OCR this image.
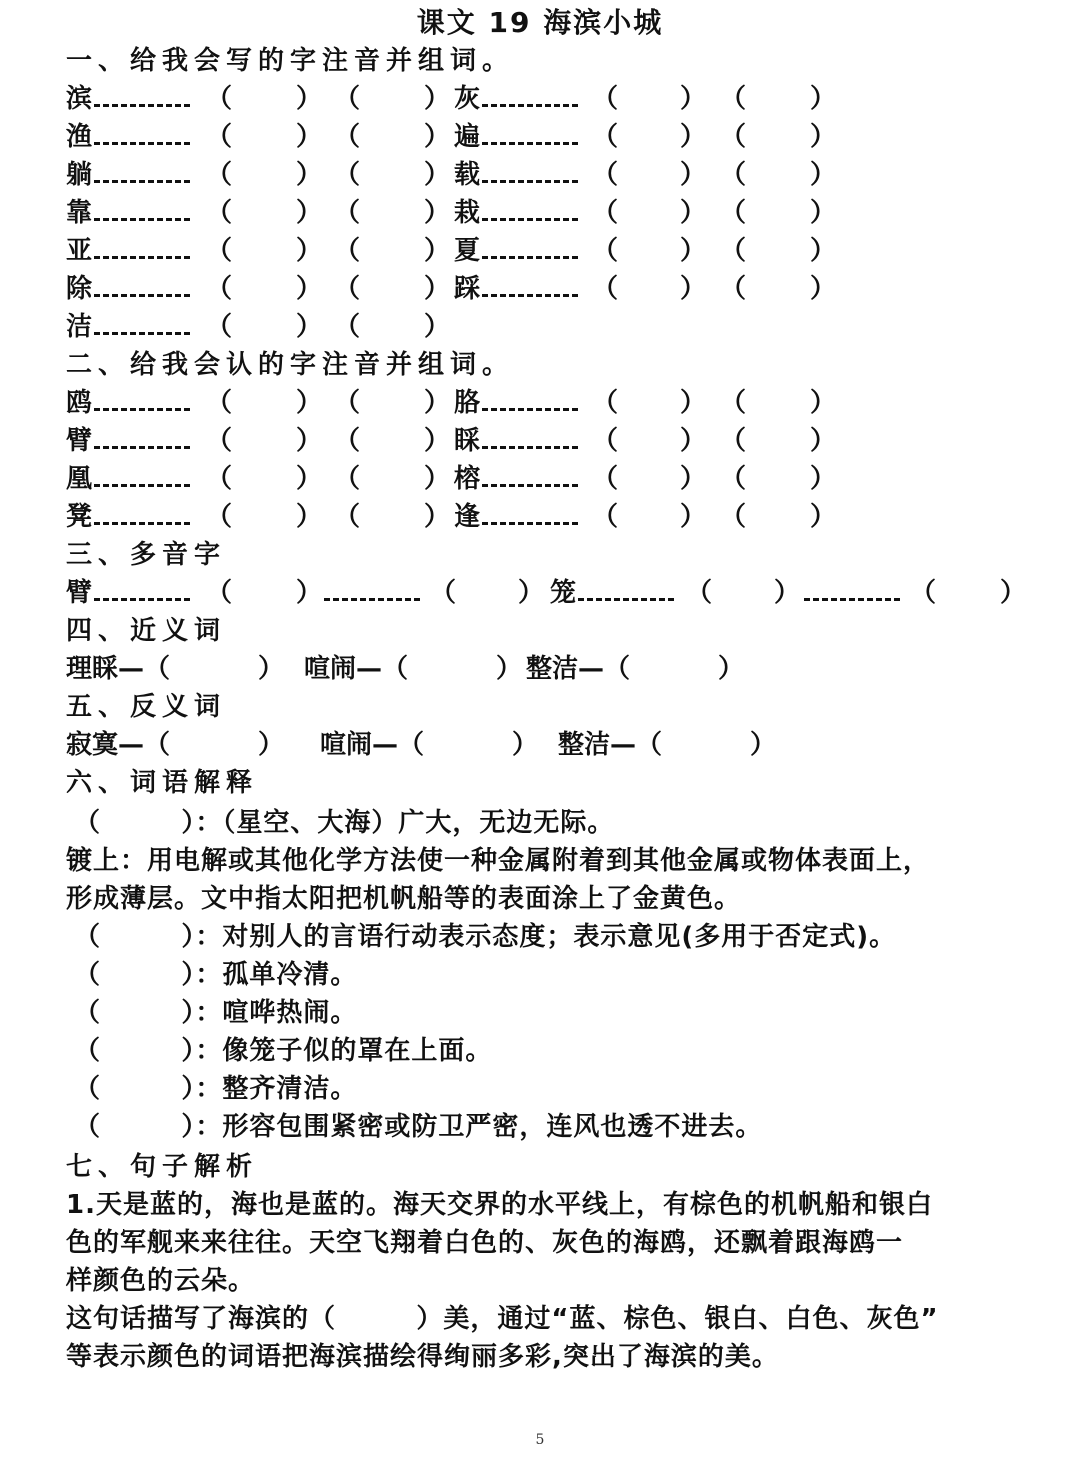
课文 19 海滨小城
一、给我会写的字注音并组词。
滨	（ ） （ ） 灰	（ ） （ ）
渔	（ ） （ ） 遍	（ ） （ ）
躺	（ ） （ ） 载	（ ） （ ）
靠	（ ） （ ） 栽	（ ） （ ）
亚	（ ） （ ） 夏	（ ） （ ）
除	（ ） （ ） 踩	（ ） （ ）
洁	（ ） （ ）
二、给我会认的字注音并组词。
鸥	（ ） （ ） 胳	（ ） （ ）
臂	（ ） （ ） 睬	（ ） （ ）
凰	（ ） （ ） 榕	（ ） （ ）
凳	（ ） （ ） 逢	（ ） （ ）
三、多音字
臂	（ ）	（ ） 笼	（ ）	（ ）
四、近义词
理睬—（	） 喧闹—（	） 整洁—（	）
五、反义词
寂寞—（	） 喧闹—（	） 整洁—（	）
六、词语解释
（        ）：（星空、大海）广大，无边无际。
镀上：用电解或其他化学方法使一种金属附着到其他金属或物体表面上，
形成薄层。文中指太阳把机帆船等的表面涂上了金黄色。
（        ）：对别人的言语行动表示态度；表示意见(多用于否定式)。
（        ）：孤单冷清。
（        ）：喧哗热闹。
（        ）：像笼子似的罩在上面。
（        ）：整齐清洁。
（        ）：形容包围紧密或防卫严密，连风也透不进去。
七、句子解析
1.天是蓝的，海也是蓝的。海天交界的水平线上，有棕色的机帆船和银白
色的军舰来来往往。天空飞翔着白色的、灰色的海鸥，还飘着跟海鸥一
样颜色的云朵。
这句话描写了海滨的（        ）美，通过“蓝、棕色、银白、白色、灰色”
等表示颜色的词语把海滨描绘得绚丽多彩,突出了海滨的美。
5
